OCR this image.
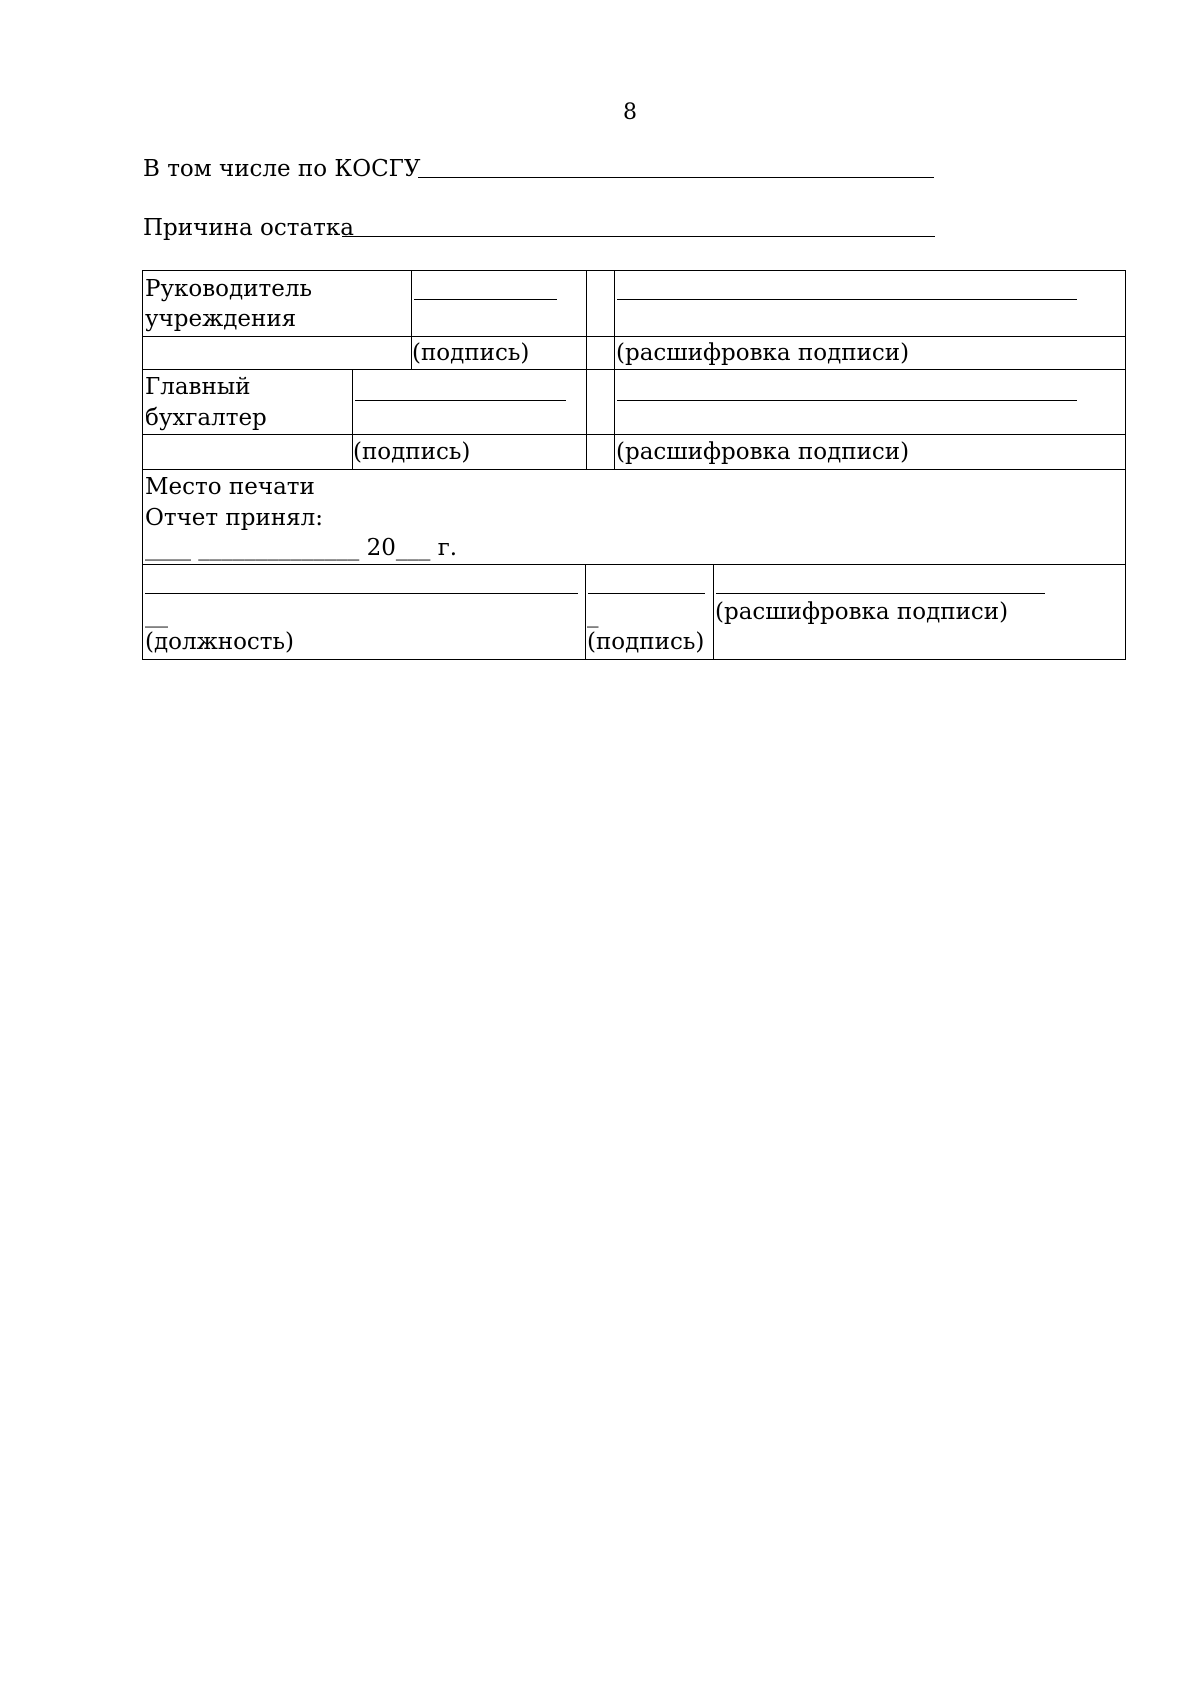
8
В том числе по КОСГУ
Причина остатка
Руководитель
учреждения
(подпись)	(расшифровка подписи)
Главный
бухгалтер
(подпись)	(расшифровка подписи)
Место печати
Отчет принял:
____ ______________ 20___ г.
__
(должность)
_
(подпись)
(расшифровка подписи)
